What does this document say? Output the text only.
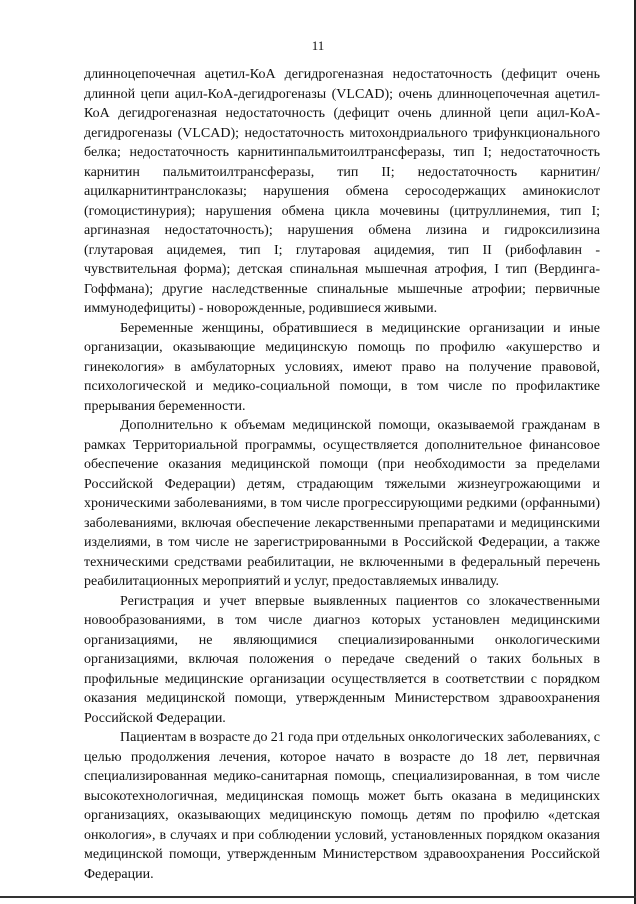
11

длинноцепочечная ацетил-КоА дегидрогеназная недостаточность (дефицит очень длинной цепи ацил-КоА-дегидрогеназы (VLCAD); очень длинноцепочечная ацетил-КоА дегидрогеназная недостаточность (дефицит очень длинной цепи ацил-КоА-дегидрогеназы (VLCAD); недостаточность митохондриального трифункционального белка; недостаточность карнитинпальмитоилтрансферазы, тип I; недостаточность карнитин пальмитоилтрансферазы, тип II; недостаточность карнитин/ацилкарнитинтранслоказы; нарушения обмена серосодержащих аминокислот (гомоцистинурия); нарушения обмена цикла мочевины (цитруллинемия, тип I; аргиназная недостаточность); нарушения обмена лизина и гидроксилизина (глутаровая ацидемея, тип I; глутаровая ацидемия, тип II (рибофлавин - чувствительная форма); детская спинальная мышечная атрофия, I тип (Вердинга-Гоффмана); другие наследственные спинальные мышечные атрофии; первичные иммунодефициты) - новорожденные, родившиеся живыми.

Беременные женщины, обратившиеся в медицинские организации и иные организации, оказывающие медицинскую помощь по профилю «акушерство и гинекология» в амбулаторных условиях, имеют право на получение правовой, психологической и медико-социальной помощи, в том числе по профилактике прерывания беременности.

Дополнительно к объемам медицинской помощи, оказываемой гражданам в рамках Территориальной программы, осуществляется дополнительное финансовое обеспечение оказания медицинской помощи (при необходимости за пределами Российской Федерации) детям, страдающим тяжелыми жизнеугрожающими и хроническими заболеваниями, в том числе прогрессирующими редкими (орфанными) заболеваниями, включая обеспечение лекарственными препаратами и медицинскими изделиями, в том числе не зарегистрированными в Российской Федерации, а также техническими средствами реабилитации, не включенными в федеральный перечень реабилитационных мероприятий и услуг, предоставляемых инвалиду.

Регистрация и учет впервые выявленных пациентов со злокачественными новообразованиями, в том числе диагноз которых установлен медицинскими организациями, не являющимися специализированными онкологическими организациями, включая положения о передаче сведений о таких больных в профильные медицинские организации осуществляется в соответствии с порядком оказания медицинской помощи, утвержденным Министерством здравоохранения Российской Федерации.

Пациентам в возрасте до 21 года при отдельных онкологических заболеваниях, с целью продолжения лечения, которое начато в возрасте до 18 лет, первичная специализированная медико-санитарная помощь, специализированная, в том числе высокотехнологичная, медицинская помощь может быть оказана в медицинских организациях, оказывающих медицинскую помощь детям по профилю «детская онкология», в случаях и при соблюдении условий, установленных порядком оказания медицинской помощи, утвержденным Министерством здравоохранения Российской Федерации.
